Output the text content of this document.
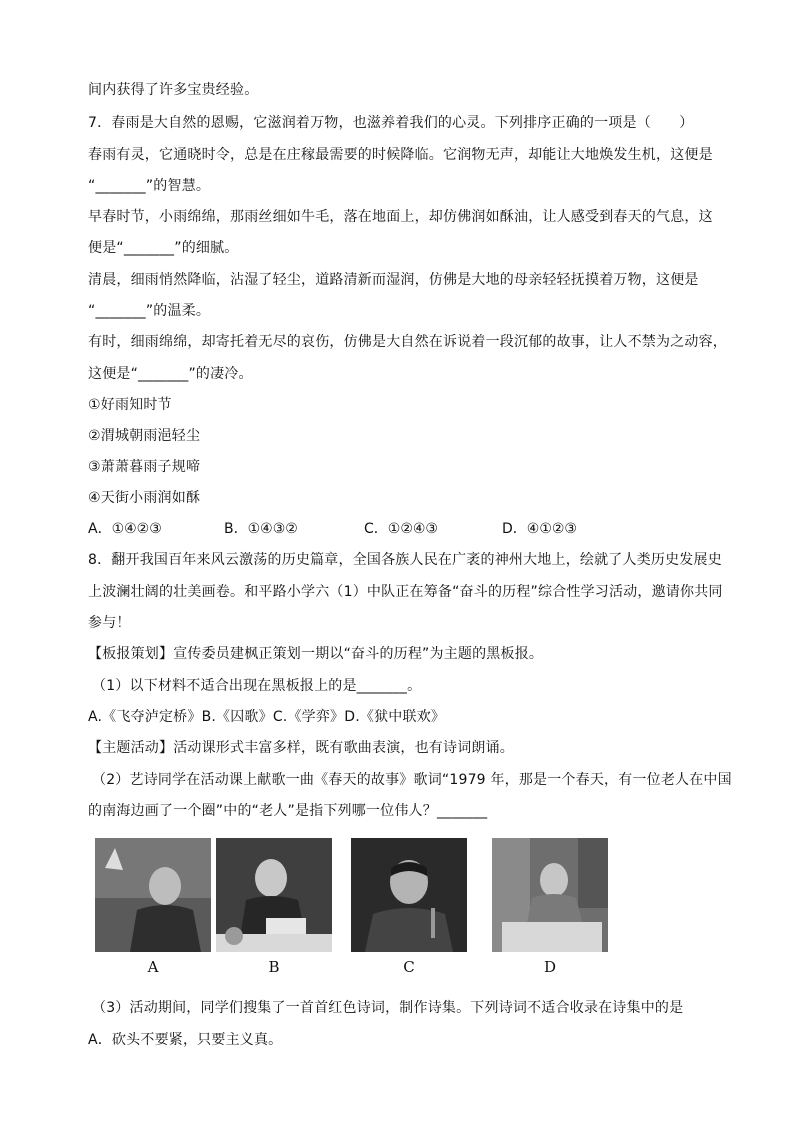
间内获得了许多宝贵经验。
7．春雨是大自然的恩赐，它滋润着万物，也滋养着我们的心灵。下列排序正确的一项是（　　）
春雨有灵，它通晓时令，总是在庄稼最需要的时候降临。它润物无声，却能让大地焕发生机，这便是
“_______”的智慧。
早春时节，小雨绵绵，那雨丝细如牛毛，落在地面上，却仿佛润如酥油，让人感受到春天的气息，这
便是“_______”的细腻。
清晨，细雨悄然降临，沾湿了轻尘，道路清新而湿润，仿佛是大地的母亲轻轻抚摸着万物，这便是
“_______”的温柔。
有时，细雨绵绵，却寄托着无尽的哀伤，仿佛是大自然在诉说着一段沉郁的故事，让人不禁为之动容，
这便是“_______”的凄冷。
①好雨知时节
②渭城朝雨浥轻尘
③萧萧暮雨子规啼
④天街小雨润如酥
A．①④②③	B．①④③②	C．①②④③	D．④①②③
8．翻开我国百年来风云激荡的历史篇章，全国各族人民在广袤的神州大地上，绘就了人类历史发展史
上波澜壮阔的壮美画卷。和平路小学六（1）中队正在筹备“奋斗的历程”综合性学习活动，邀请你共同
参与！
【板报策划】宣传委员建枫正策划一期以“奋斗的历程”为主题的黑板报。
（1）以下材料不适合出现在黑板报上的是_______。
A.《飞夺泸定桥》B.《囚歌》C.《学弈》D.《狱中联欢》
【主题活动】活动课形式丰富多样，既有歌曲表演，也有诗词朗诵。
（2）艺诗同学在活动课上献歌一曲《春天的故事》歌词“1979 年，那是一个春天，有一位老人在中国
的南海边画了一个圈”中的“老人”是指下列哪一位伟人？_______
A	B	C	D
（3）活动期间，同学们搜集了一首首红色诗词，制作诗集。下列诗词不适合收录在诗集中的是
A．砍头不要紧，只要主义真。
